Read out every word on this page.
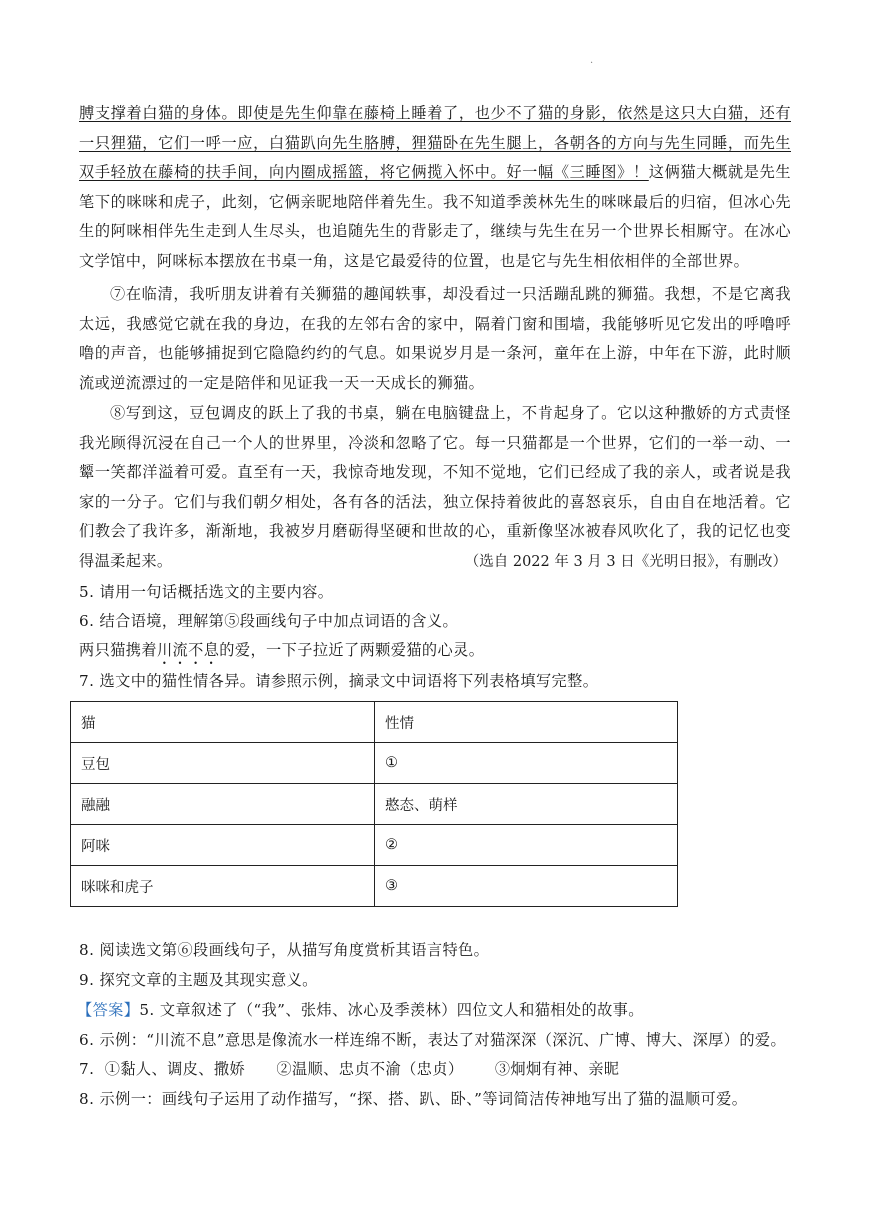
·
膊支撑着白猫的身体。即使是先生仰靠在藤椅上睡着了，也少不了猫的身影，依然是这只大白猫，还有一只狸猫，它们一呼一应，白猫趴向先生胳膊，狸猫卧在先生腿上，各朝各的方向与先生同睡，而先生双手轻放在藤椅的扶手间，向内圈成摇篮，将它俩揽入怀中。好一幅《三睡图》！这俩猫大概就是先生笔下的咪咪和虎子，此刻，它俩亲昵地陪伴着先生。我不知道季羡林先生的咪咪最后的归宿，但冰心先生的阿咪相伴先生走到人生尽头，也追随先生的背影走了，继续与先生在另一个世界长相厮守。在冰心文学馆中，阿咪标本摆放在书桌一角，这是它最爱待的位置，也是它与先生相依相伴的全部世界。
⑦在临清，我听朋友讲着有关狮猫的趣闻轶事，却没看过一只活蹦乱跳的狮猫。我想，不是它离我太远，我感觉它就在我的身边，在我的左邻右舍的家中，隔着门窗和围墙，我能够听见它发出的呼噜呼噜的声音，也能够捕捉到它隐隐约约的气息。如果说岁月是一条河，童年在上游，中年在下游，此时顺流或逆流漂过的一定是陪伴和见证我一天一天成长的狮猫。
⑧写到这，豆包调皮的跃上了我的书桌，躺在电脑键盘上，不肯起身了。它以这种撒娇的方式责怪我光顾得沉浸在自己一个人的世界里，冷淡和忽略了它。每一只猫都是一个世界，它们的一举一动、一颦一笑都洋溢着可爱。直至有一天，我惊奇地发现，不知不觉地，它们已经成了我的亲人，或者说是我家的一分子。它们与我们朝夕相处，各有各的活法，独立保持着彼此的喜怒哀乐，自由自在地活着。它们教会了我许多，渐渐地，我被岁月磨砺得坚硬和世故的心，重新像坚冰被春风吹化了，我的记忆也变得温柔起来。	（选自 2022 年 3 月 3 日《光明日报》，有删改）
5. 请用一句话概括选文的主要内容。
6. 结合语境，理解第⑤段画线句子中加点词语的含义。
两只猫携着川流不息的爱，一下子拉近了两颗爱猫的心灵。
7. 选文中的猫性情各异。请参照示例，摘录文中词语将下列表格填写完整。
猫	性情
豆包	①
融融	憨态、萌样
阿咪	②
咪咪和虎子	③
8. 阅读选文第⑥段画线句子，从描写角度赏析其语言特色。
9. 探究文章的主题及其现实意义。
【答案】5. 文章叙述了（“我”、张炜、冰心及季羡林）四位文人和猫相处的故事。
6. 示例：“川流不息”意思是像流水一样连绵不断，表达了对猫深深（深沉、广博、博大、深厚）的爱。
7.  ①黏人、调皮、撒娇      ②温顺、忠贞不渝（忠贞）      ③炯炯有神、亲昵
8. 示例一：画线句子运用了动作描写，“探、搭、趴、卧、”等词简洁传神地写出了猫的温顺可爱。
